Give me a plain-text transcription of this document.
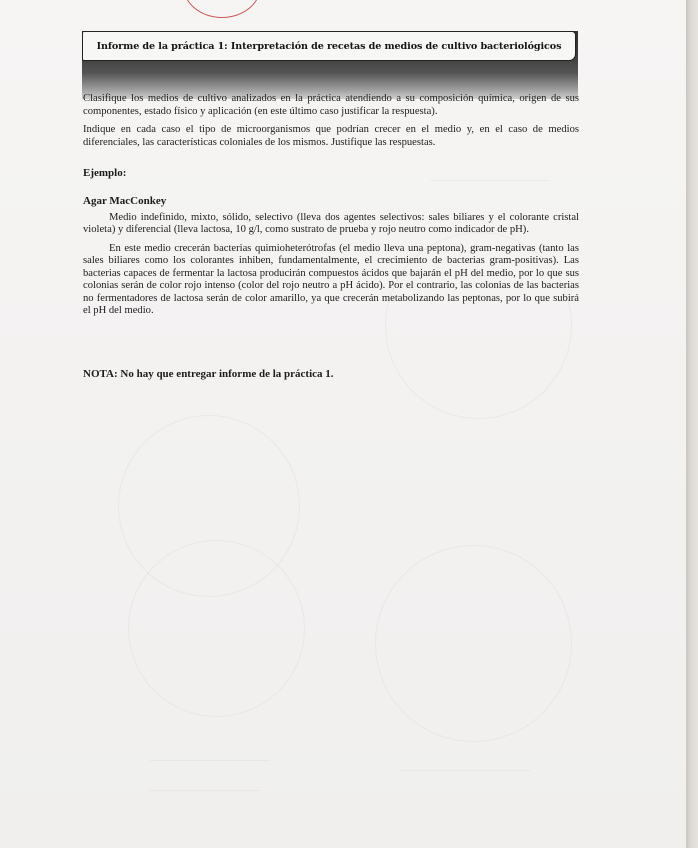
Informe de la práctica 1: Interpretación de recetas de medios de cultivo bacteriológicos

Clasifique los medios de cultivo analizados en la práctica atendiendo a su composición química, origen de sus componentes, estado físico y aplicación (en este último caso justificar la respuesta).

Indique en cada caso el tipo de microorganismos que podrían crecer en el medio y, en el caso de medios diferenciales, las características coloniales de los mismos. Justifique las respuestas.

Ejemplo:

Agar MacConkey

Medio indefinido, mixto, sólido, selectivo (lleva dos agentes selectivos: sales biliares y el colorante cristal violeta) y diferencial (lleva lactosa, 10 g/l, como sustrato de prueba y rojo neutro como indicador de pH).

En este medio crecerán bacterias quimioheterótrofas (el medio lleva una peptona), gram-negativas (tanto las sales biliares como los colorantes inhiben, fundamentalmente, el crecimiento de bacterias gram-positivas). Las bacterias capaces de fermentar la lactosa producirán compuestos ácidos que bajarán el pH del medio, por lo que sus colonias serán de color rojo intenso (color del rojo neutro a pH ácido). Por el contrario, las colonias de las bacterias no fermentadores de lactosa serán de color amarillo, ya que crecerán metabolizando las peptonas, por lo que subirá el pH del medio.

NOTA: No hay que entregar informe de la práctica 1.
